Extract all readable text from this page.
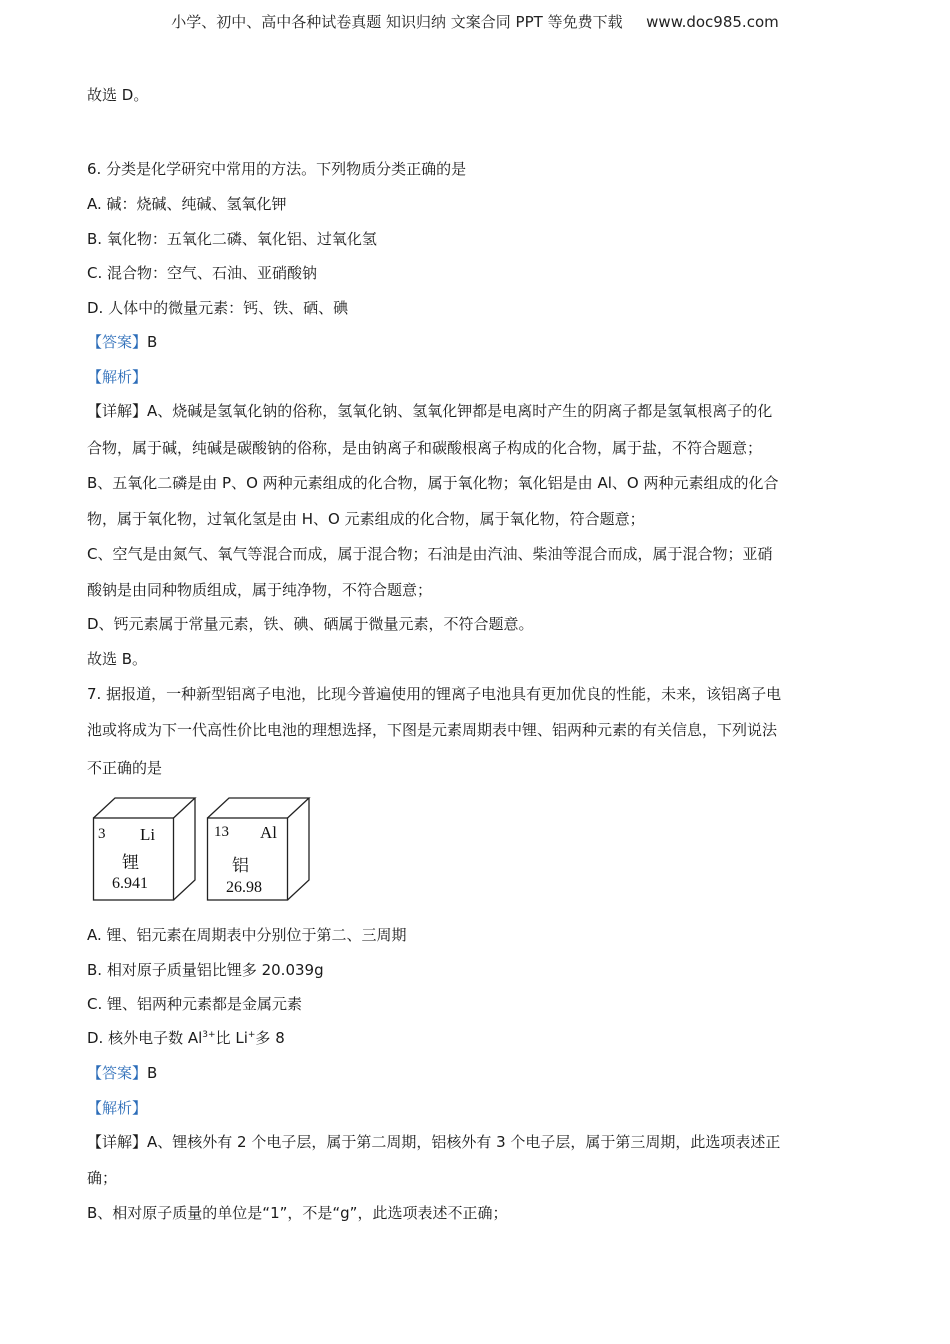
小学、初中、高中各种试卷真题 知识归纳 文案合同 PPT 等免费下载 www.doc985.com
故选 D。
6. 分类是化学研究中常用的方法。下列物质分类正确的是
A. 碱：烧碱、纯碱、氢氧化钾
B. 氧化物：五氧化二磷、氧化铝、过氧化氢
C. 混合物：空气、石油、亚硝酸钠
D. 人体中的微量元素：钙、铁、硒、碘
【答案】B
【解析】
【详解】A、烧碱是氢氧化钠的俗称，氢氧化钠、氢氧化钾都是电离时产生的阴离子都是氢氧根离子的化
合物，属于碱，纯碱是碳酸钠的俗称，是由钠离子和碳酸根离子构成的化合物，属于盐，不符合题意；
B、五氧化二磷是由 P、O 两种元素组成的化合物，属于氧化物；氧化铝是由 Al、O 两种元素组成的化合
物，属于氧化物，过氧化氢是由 H、O 元素组成的化合物，属于氧化物，符合题意；
C、空气是由氮气、氧气等混合而成，属于混合物；石油是由汽油、柴油等混合而成，属于混合物；亚硝
酸钠是由同种物质组成，属于纯净物，不符合题意；
D、钙元素属于常量元素，铁、碘、硒属于微量元素，不符合题意。
故选 B。
7. 据报道，一种新型铝离子电池，比现今普遍使用的锂离子电池具有更加优良的性能，未来，该铝离子电
池或将成为下一代高性价比电池的理想选择，下图是元素周期表中锂、铝两种元素的有关信息，下列说法
不正确的是
3 Li
锂
6.941
13 Al
铝
26.98
A. 锂、铝元素在周期表中分别位于第二、三周期
B. 相对原子质量铝比锂多 20.039g
C. 锂、铝两种元素都是金属元素
D. 核外电子数 $Al^{3+}$比 Li+多 8
【答案】B
【解析】
【详解】A、锂核外有 2 个电子层，属于第二周期，铝核外有 3 个电子层，属于第三周期，此选项表述正
确；
B、相对原子质量的单位是“1”，不是“g”，此选项表述不正确；
